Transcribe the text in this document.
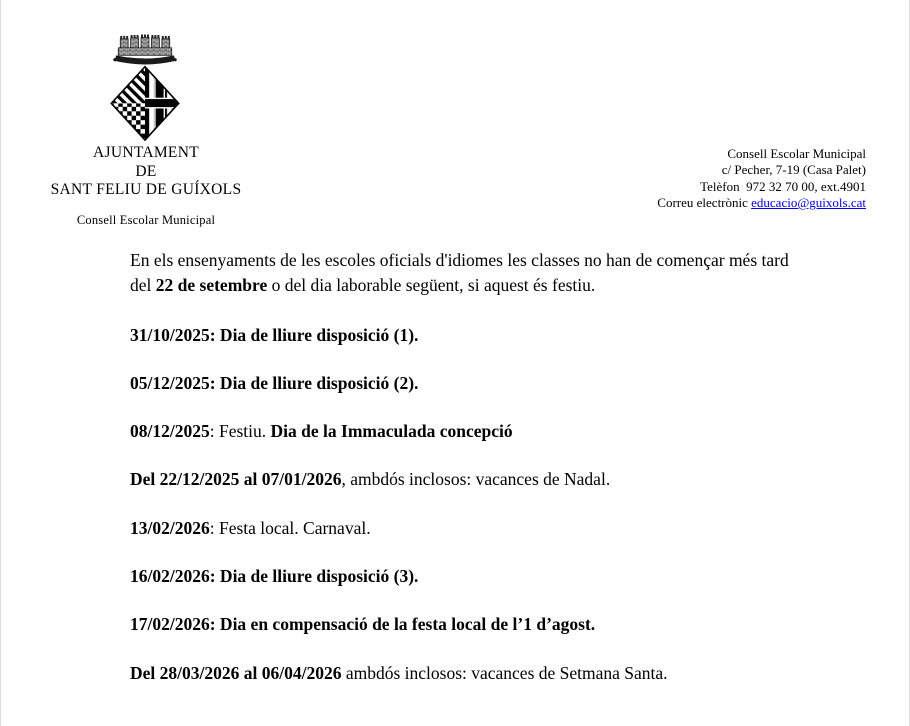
AJUNTAMENT
DE
SANT FELIU DE GUÍXOLS
Consell Escolar Municipal
Consell Escolar Municipal
c/ Pecher, 7-19 (Casa Palet)
Telèfon  972 32 70 00, ext.4901
Correu electrònic educacio@guixols.cat

En els ensenyaments de les escoles oficials d'idiomes les classes no han de començar més tard del 22 de setembre o del dia laborable següent, si aquest és festiu.

31/10/2025: Dia de lliure disposició (1).

05/12/2025: Dia de lliure disposició (2).

08/12/2025: Festiu. Dia de la Immaculada concepció

Del 22/12/2025 al 07/01/2026, ambdós inclosos: vacances de Nadal.

13/02/2026: Festa local. Carnaval.

16/02/2026: Dia de lliure disposició (3).

17/02/2026: Dia en compensació de la festa local de l’1 d’agost.

Del 28/03/2026 al 06/04/2026 ambdós inclosos: vacances de Setmana Santa.
